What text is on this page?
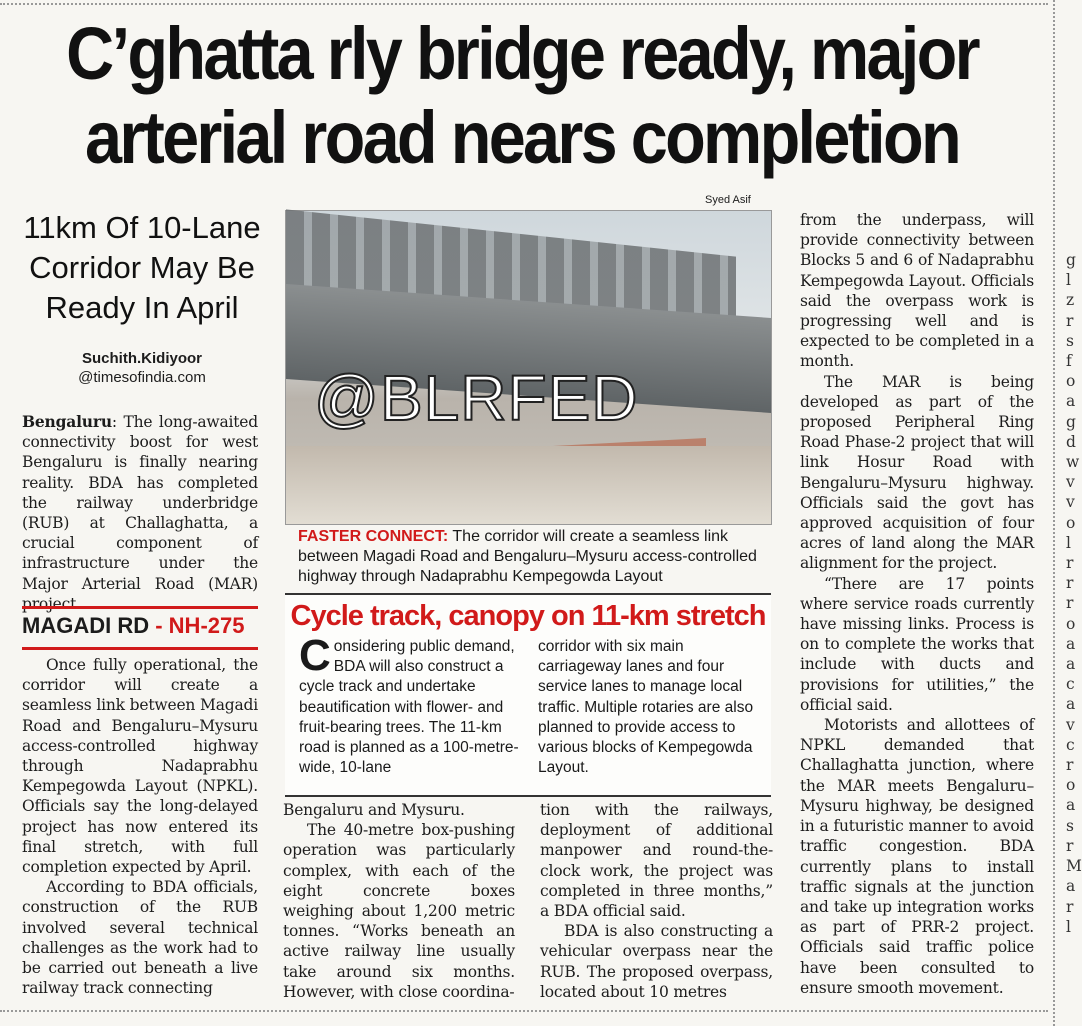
C’ghatta rly bridge ready, major
arterial road nears completion
11km Of 10-Lane Corridor May Be Ready In April
Suchith.Kidiyoor
@timesofindia.com

Bengaluru: The long-awaited connectivity boost for west Bengaluru is finally nearing reality. BDA has completed the railway underbridge (RUB) at Challaghatta, a crucial component of infrastructure under the Major Arterial Road (MAR) project.

MAGADI RD - NH-275

Once fully operational, the corridor will create a seamless link between Magadi Road and Bengaluru–Mysuru access-controlled highway through Nadaprabhu Kempegowda Layout (NPKL). Officials say the long-delayed project has now entered its final stretch, with full completion expected by April.

According to BDA officials, construction of the RUB involved several technical challenges as the work had to be carried out beneath a live railway track connecting

Syed Asif
@BLRFED
FASTER CONNECT: The corridor will create a seamless link between Magadi Road and Bengaluru–Mysuru access-controlled highway through Nadaprabhu Kempegowda Layout
Cycle track, canopy on 11-km stretch
Considering public demand, BDA will also construct a cycle track and undertake beautification with flower- and fruit-bearing trees. The 11-km road is planned as a 100-metre-wide, 10-lane
corridor with six main carriageway lanes and four service lanes to manage local traffic. Multiple rotaries are also planned to provide access to various blocks of Kempegowda Layout.

Bengaluru and Mysuru.

The 40-metre box-pushing operation was particularly complex, with each of the eight concrete boxes weighing about 1,200 metric tonnes. “Works beneath an active railway line usually take around six months. However, with close coordina-

tion with the railways, deployment of additional manpower and round-the-clock work, the project was completed in three months,” a BDA official said.

BDA is also constructing a vehicular overpass near the RUB. The proposed overpass, located about 10 metres

from the underpass, will provide connectivity between Blocks 5 and 6 of Nadaprabhu Kempegowda Layout. Officials said the overpass work is progressing well and is expected to be completed in a month.

The MAR is being developed as part of the proposed Peripheral Ring Road Phase-2 project that will link Hosur Road with Bengaluru–Mysuru highway. Officials said the govt has approved acquisition of four acres of land along the MAR alignment for the project.

“There are 17 points where service roads currently have missing links. Process is on to complete the works that include with ducts and provisions for utilities,” the official said.

Motorists and allottees of NPKL demanded that Challaghatta junction, where the MAR meets Bengaluru–Mysuru highway, be designed in a futuristic manner to avoid traffic congestion. BDA currently plans to install traffic signals at the junction and take up integration works as part of PRR-2 project. Officials said traffic police have been consulted to ensure smooth movement.

g l z r s f o a g d w v v o l r r r o a a c a v c r o a s r M a r l
